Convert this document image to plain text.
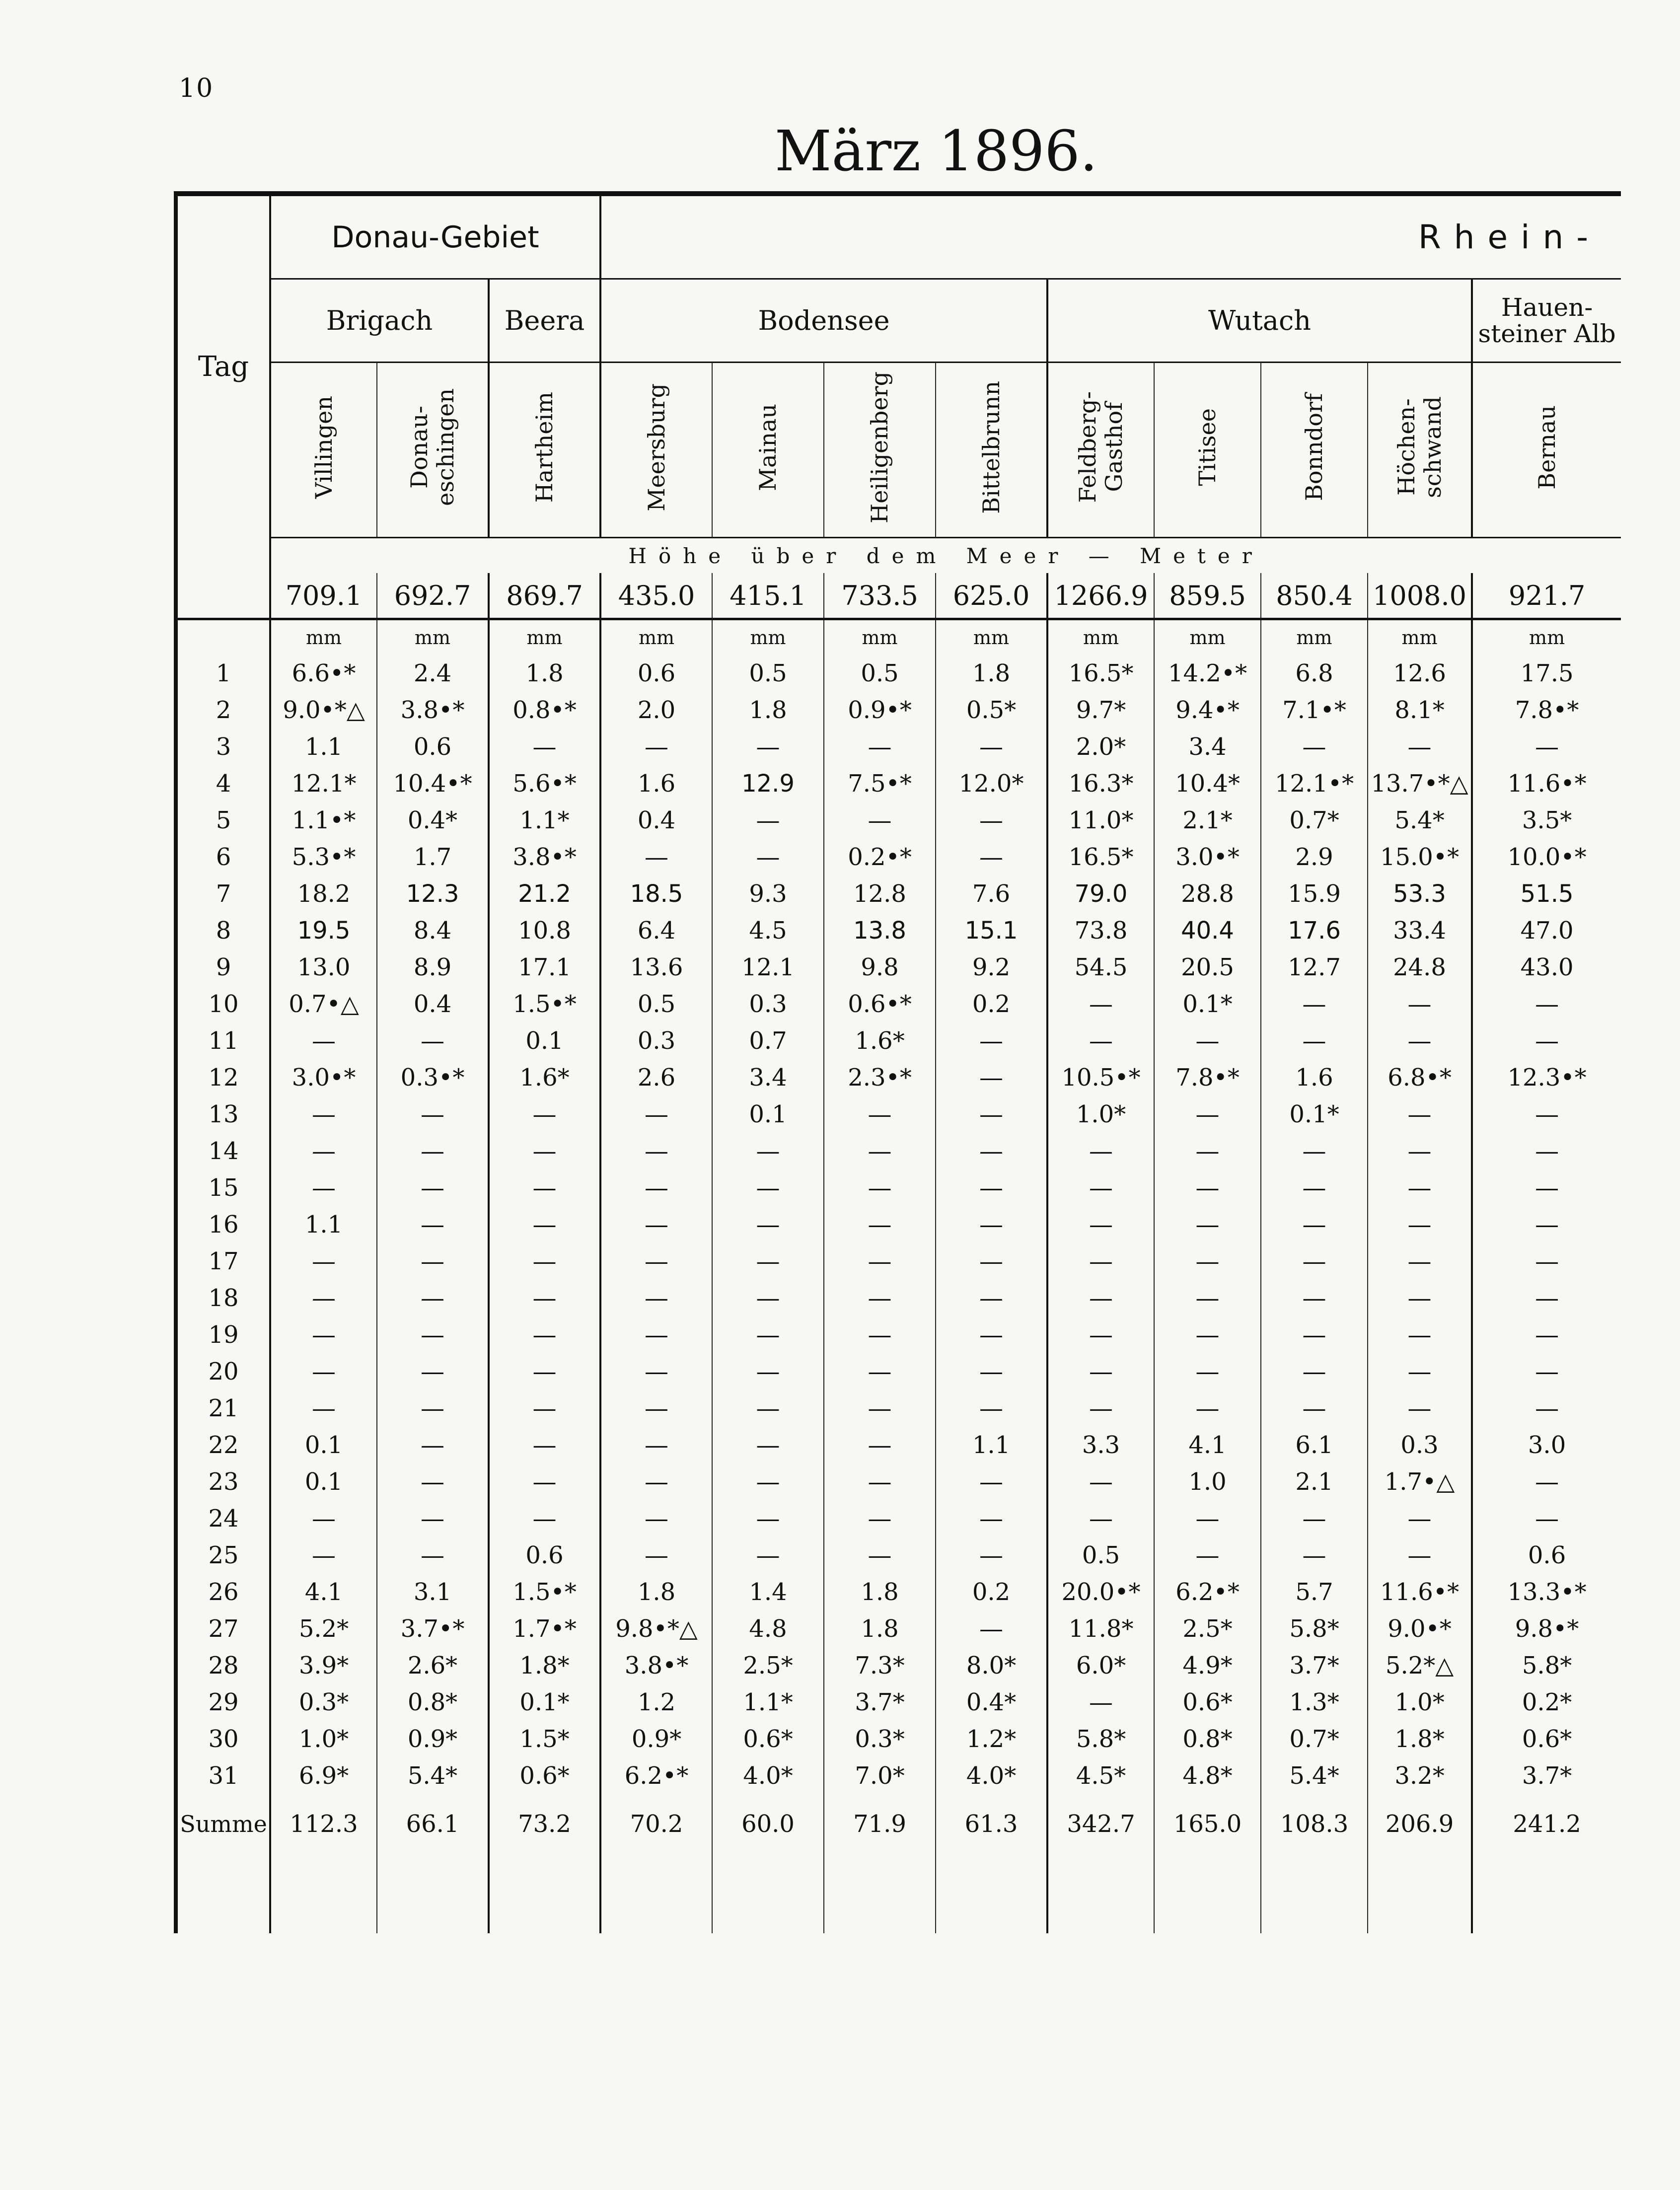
10
März 1896.
Tag	Donau-Gebiet			Rhein-								
	Brigach		Beera	Bodensee				Wutach				Hauen-
steiner Alb
	Villingen	Donau-
eschingen	Hartheim	Meersburg	Mainau	Heiligenberg	Bittelbrunn	Feldberg-
Gasthof	Titisee	Bonndorf	Höchen-
schwand	Bernau
	Höhe über dem Meer — Meter											
	709.1	692.7	869.7	435.0	415.1	733.5	625.0	1266.9	859.5	850.4	1008.0	921.7
	mm	mm	mm	mm	mm	mm	mm	mm	mm	mm	mm	mm
1	6.6•*	2.4	1.8	0.6	0.5	0.5	1.8	16.5*	14.2•*	6.8	12.6	17.5
2	9.0•*△	3.8•*	0.8•*	2.0	1.8	0.9•*	0.5*	9.7*	9.4•*	7.1•*	8.1*	7.8•*
3	1.1	0.6	—	—	—	—	—	2.0*	3.4	—	—	—
4	12.1*	10.4•*	5.6•*	1.6	12.9	7.5•*	12.0*	16.3*	10.4*	12.1•*	13.7•*△	11.6•*
5	1.1•*	0.4*	1.1*	0.4	—	—	—	11.0*	2.1*	0.7*	5.4*	3.5*
6	5.3•*	1.7	3.8•*	—	—	0.2•*	—	16.5*	3.0•*	2.9	15.0•*	10.0•*
7	18.2	12.3	21.2	18.5	9.3	12.8	7.6	79.0	28.8	15.9	53.3	51.5
8	19.5	8.4	10.8	6.4	4.5	13.8	15.1	73.8	40.4	17.6	33.4	47.0
9	13.0	8.9	17.1	13.6	12.1	9.8	9.2	54.5	20.5	12.7	24.8	43.0
10	0.7•△	0.4	1.5•*	0.5	0.3	0.6•*	0.2	—	0.1*	—	—	—
11	—	—	0.1	0.3	0.7	1.6*	—	—	—	—	—	—
12	3.0•*	0.3•*	1.6*	2.6	3.4	2.3•*	—	10.5•*	7.8•*	1.6	6.8•*	12.3•*
13	—	—	—	—	0.1	—	—	1.0*	—	0.1*	—	—
14	—	—	—	—	—	—	—	—	—	—	—	—
15	—	—	—	—	—	—	—	—	—	—	—	—
16	1.1	—	—	—	—	—	—	—	—	—	—	—
17	—	—	—	—	—	—	—	—	—	—	—	—
18	—	—	—	—	—	—	—	—	—	—	—	—
19	—	—	—	—	—	—	—	—	—	—	—	—
20	—	—	—	—	—	—	—	—	—	—	—	—
21	—	—	—	—	—	—	—	—	—	—	—	—
22	0.1	—	—	—	—	—	1.1	3.3	4.1	6.1	0.3	3.0
23	0.1	—	—	—	—	—	—	—	1.0	2.1	1.7•△	—
24	—	—	—	—	—	—	—	—	—	—	—	—
25	—	—	0.6	—	—	—	—	0.5	—	—	—	0.6
26	4.1	3.1	1.5•*	1.8	1.4	1.8	0.2	20.0•*	6.2•*	5.7	11.6•*	13.3•*
27	5.2*	3.7•*	1.7•*	9.8•*△	4.8	1.8	—	11.8*	2.5*	5.8*	9.0•*	9.8•*
28	3.9*	2.6*	1.8*	3.8•*	2.5*	7.3*	8.0*	6.0*	4.9*	3.7*	5.2*△	5.8*
29	0.3*	0.8*	0.1*	1.2	1.1*	3.7*	0.4*	—	0.6*	1.3*	1.0*	0.2*
30	1.0*	0.9*	1.5*	0.9*	0.6*	0.3*	1.2*	5.8*	0.8*	0.7*	1.8*	0.6*
31	6.9*	5.4*	0.6*	6.2•*	4.0*	7.0*	4.0*	4.5*	4.8*	5.4*	3.2*	3.7*
Summe	112.3	66.1	73.2	70.2	60.0	71.9	61.3	342.7	165.0	108.3	206.9	241.2
